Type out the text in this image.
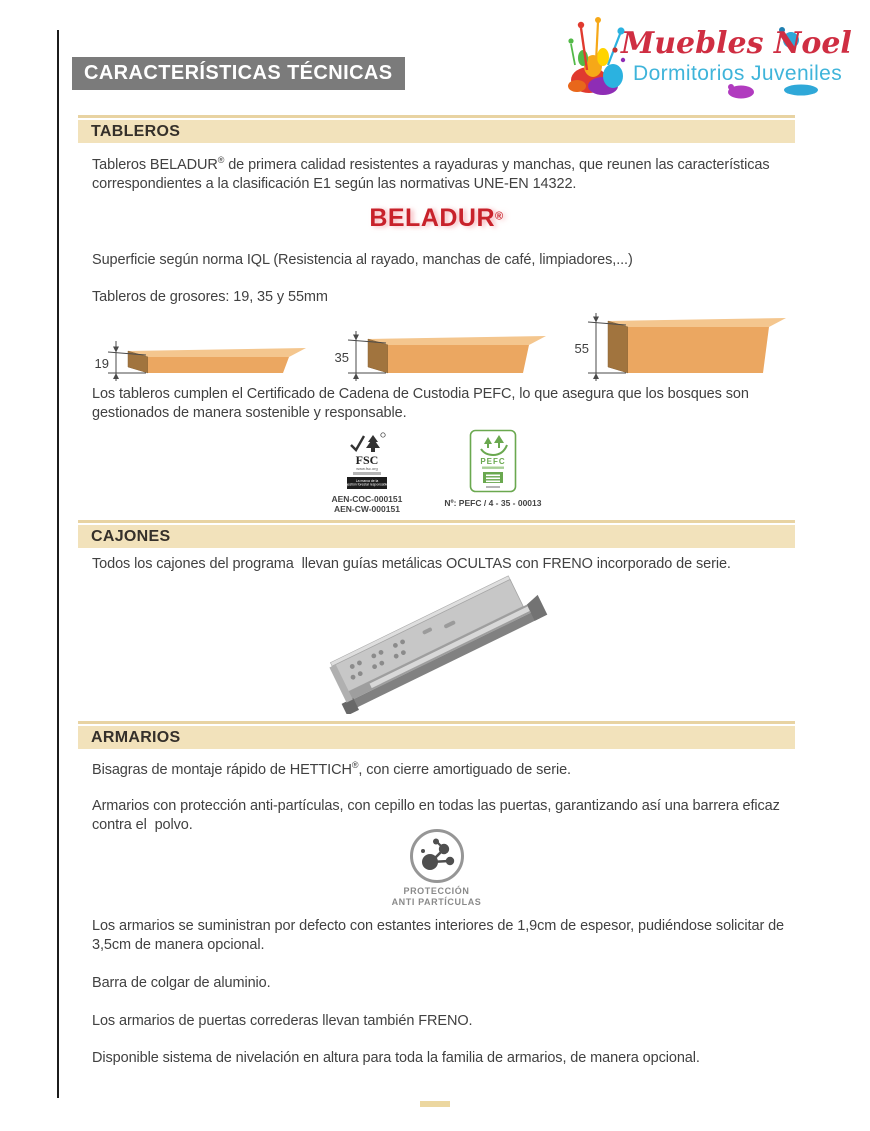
CARACTERÍSTICAS TÉCNICAS
Muebles Noel
Dormitorios Juveniles
TABLEROS

Tableros BELADUR® de primera calidad resistentes a rayaduras y manchas, que reunen las características correspondientes a la clasificación E1 según las normativas UNE-EN 14322.

BELADUR®

Superficie según norma IQL (Resistencia al rayado, manchas de café, limpiadores,...)

Tableros de grosores: 19, 35 y 55mm

19	35
55

Los tableros cumplen el Certificado de Cadena de Custodia PEFC, lo que asegura que los bosques son gestionados de manera sostenible y responsable.

FSC
www.fsc.org
La marca de la
gestión forestal responsable
AEN-COC-000151
AEN-CW-000151
PEFC
Nº: PEFC / 4 - 35 - 00013
CAJONES

Todos los cajones del programa  llevan guías metálicas OCULTAS con FRENO incorporado de serie.

ARMARIOS

Bisagras de montaje rápido de HETTICH®, con cierre amortiguado de serie.

Armarios con protección anti-partículas, con cepillo en todas las puertas, garantizando así una barrera eficaz contra el  polvo.

PROTECCIÓN
ANTI PARTÍCULAS

Los armarios se suministran por defecto con estantes interiores de 1,9cm de espesor, pudiéndose solicitar de 3,5cm de manera opcional.

Barra de colgar de aluminio.

Los armarios de puertas correderas llevan también FRENO.

Disponible sistema de nivelación en altura para toda la familia de armarios, de manera opcional.
